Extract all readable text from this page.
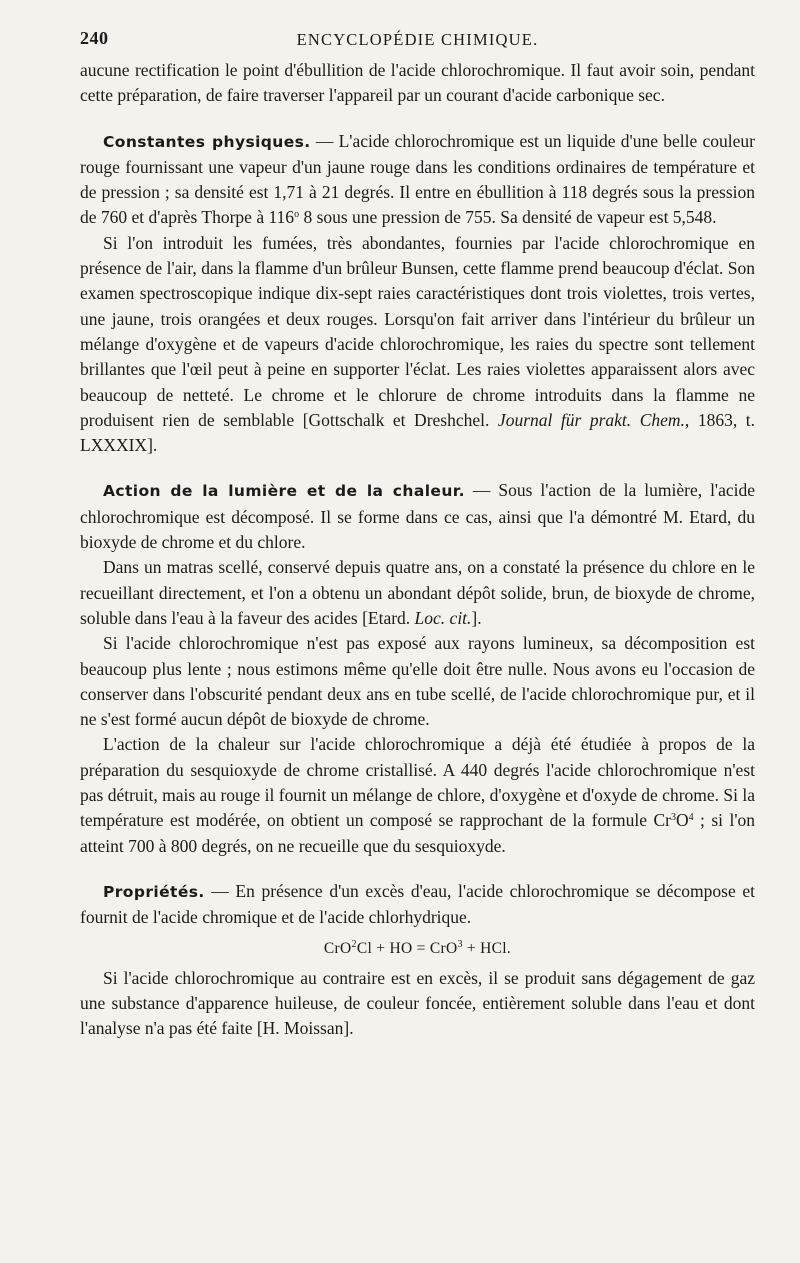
240	ENCYCLOPÉDIE CHIMIQUE.

aucune rectification le point d'ébullition de l'acide chlorochromique. Il faut avoir soin, pendant cette préparation, de faire traverser l'appareil par un courant d'acide carbonique sec.

Constantes physiques. — L'acide chlorochromique est un liquide d'une belle couleur rouge fournissant une vapeur d'un jaune rouge dans les conditions ordinaires de température et de pression ; sa densité est 1,71 à 21 degrés. Il entre en ébullition à 118 degrés sous la pression de 760 et d'après Thorpe à 116$^o$ 8 sous une pression de 755. Sa densité de vapeur est 5,548.

Si l'on introduit les fumées, très abondantes, fournies par l'acide chlorochromique en présence de l'air, dans la flamme d'un brûleur Bunsen, cette flamme prend beaucoup d'éclat. Son examen spectroscopique indique dix-sept raies caractéristiques dont trois violettes, trois vertes, une jaune, trois orangées et deux rouges. Lorsqu'on fait arriver dans l'intérieur du brûleur un mélange d'oxygène et de vapeurs d'acide chlorochromique, les raies du spectre sont tellement brillantes que l'œil peut à peine en supporter l'éclat. Les raies violettes apparaissent alors avec beaucoup de netteté. Le chrome et le chlorure de chrome introduits dans la flamme ne produisent rien de semblable [Gottschalk et Dreshchel. Journal für prakt. Chem., 1863, t. LXXXIX].

Action de la lumière et de la chaleur. — Sous l'action de la lumière, l'acide chlorochromique est décomposé. Il se forme dans ce cas, ainsi que l'a démontré M. Etard, du bioxyde de chrome et du chlore.

Dans un matras scellé, conservé depuis quatre ans, on a constaté la présence du chlore en le recueillant directement, et l'on a obtenu un abondant dépôt solide, brun, de bioxyde de chrome, soluble dans l'eau à la faveur des acides [Etard. Loc. cit.].

Si l'acide chlorochromique n'est pas exposé aux rayons lumineux, sa décomposition est beaucoup plus lente ; nous estimons même qu'elle doit être nulle. Nous avons eu l'occasion de conserver dans l'obscurité pendant deux ans en tube scellé, de l'acide chlorochromique pur, et il ne s'est formé aucun dépôt de bioxyde de chrome.

L'action de la chaleur sur l'acide chlorochromique a déjà été étudiée à propos de la préparation du sesquioxyde de chrome cristallisé. A 440 degrés l'acide chlorochromique n'est pas détruit, mais au rouge il fournit un mélange de chlore, d'oxygène et d'oxyde de chrome. Si la température est modérée, on obtient un composé se rapprochant de la formule $Cr^3O^4$ ; si l'on atteint 700 à 800 degrés, on ne recueille que du sesquioxyde.

Propriétés. — En présence d'un excès d'eau, l'acide chlorochromique se décompose et fournit de l'acide chromique et de l'acide chlorhydrique.

CrO$^2$Cl + HO = CrO$^3$ + HCl.

Si l'acide chlorochromique au contraire est en excès, il se produit sans dégagement de gaz une substance d'apparence huileuse, de couleur foncée, entièrement soluble dans l'eau et dont l'analyse n'a pas été faite [H. Moissan].
